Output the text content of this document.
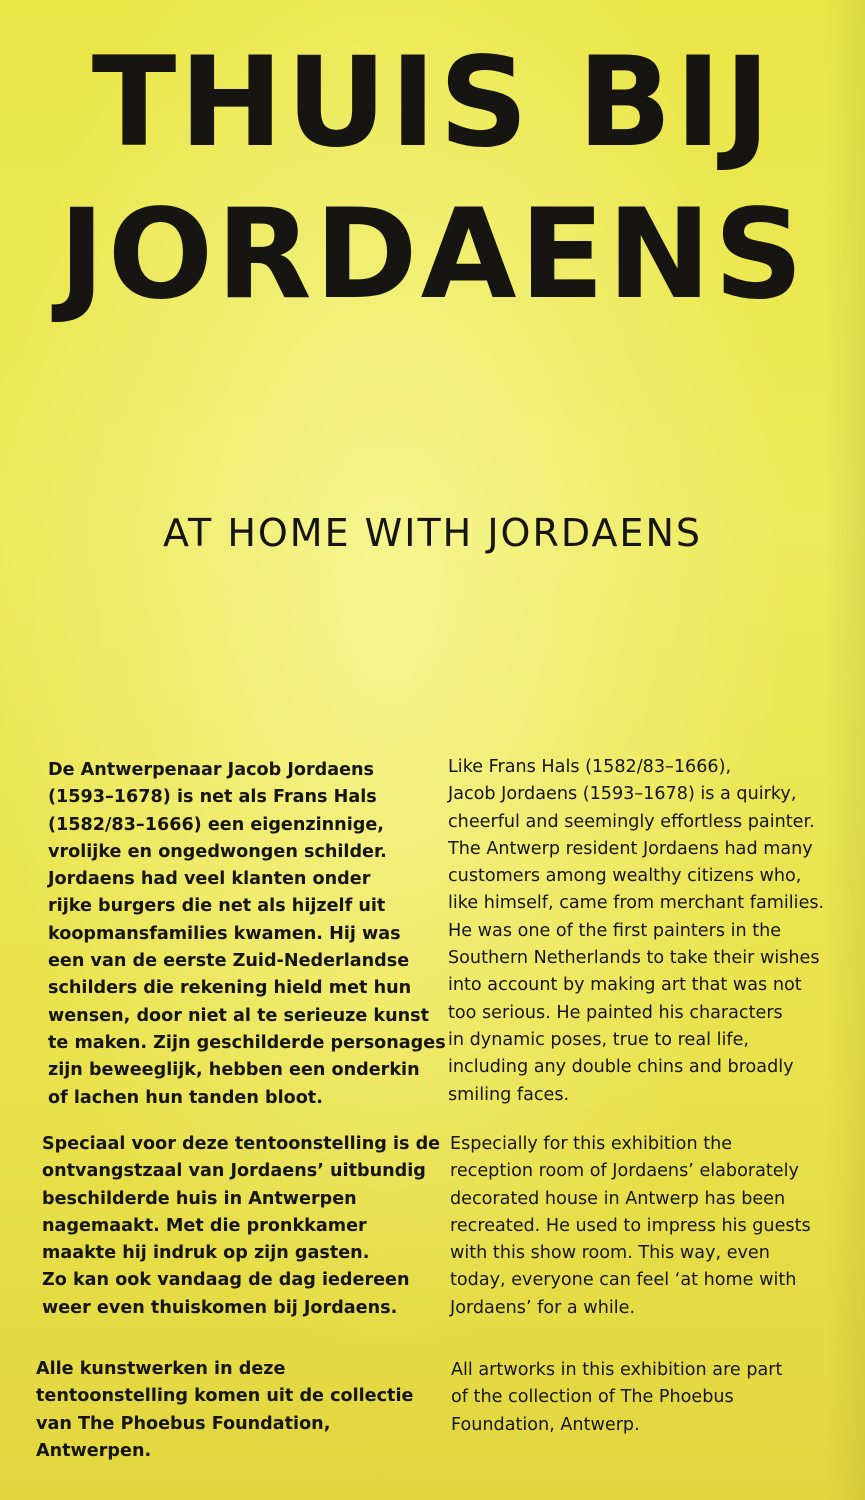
THUIS BIJ
JORDAENS
AT HOME WITH JORDAENS

De Antwerpenaar Jacob Jordaens

(1593–1678) is net als Frans Hals

(1582/83–1666) een eigenzinnige,

vrolijke en ongedwongen schilder.

Jordaens had veel klanten onder

rijke burgers die net als hijzelf uit

koopmansfamilies kwamen. Hij was

een van de eerste Zuid-Nederlandse

schilders die rekening hield met hun

wensen, door niet al te serieuze kunst

te maken. Zijn geschilderde personages

zijn beweeglijk, hebben een onderkin

of lachen hun tanden bloot.

Speciaal voor deze tentoonstelling is de

ontvangstzaal van Jordaens’ uitbundig

beschilderde huis in Antwerpen

nagemaakt. Met die pronkkamer

maakte hij indruk op zijn gasten.

Zo kan ook vandaag de dag iedereen

weer even thuiskomen bij Jordaens.

Alle kunstwerken in deze

tentoonstelling komen uit de collectie

van The Phoebus Foundation,

Antwerpen.

Like Frans Hals (1582/83–1666),

Jacob Jordaens (1593–1678) is a quirky,

cheerful and seemingly effortless painter.

The Antwerp resident Jordaens had many

customers among wealthy citizens who,

like himself, came from merchant families.

He was one of the first painters in the

Southern Netherlands to take their wishes

into account by making art that was not

too serious. He painted his characters

in dynamic poses, true to real life,

including any double chins and broadly

smiling faces.

Especially for this exhibition the

reception room of Jordaens’ elaborately

decorated house in Antwerp has been

recreated. He used to impress his guests

with this show room. This way, even

today, everyone can feel ‘at home with

Jordaens’ for a while.

All artworks in this exhibition are part

of the collection of The Phoebus

Foundation, Antwerp.
